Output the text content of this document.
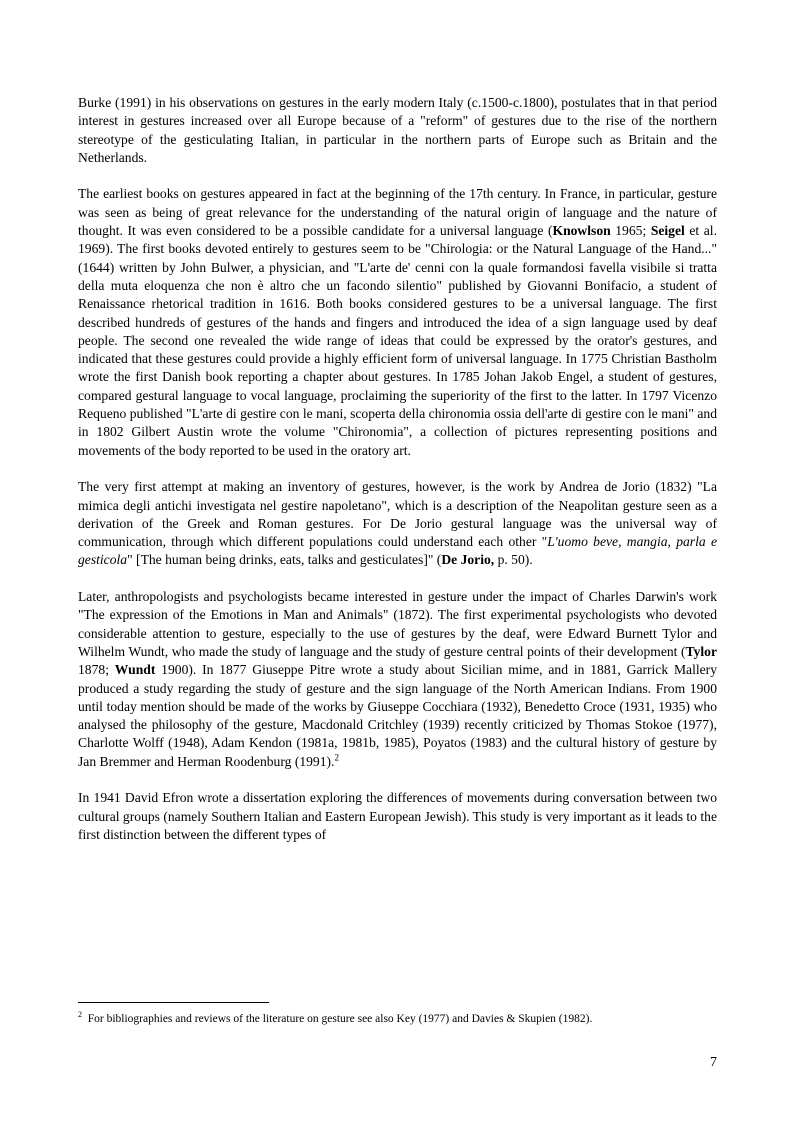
Burke (1991) in his observations on gestures in the early modern Italy (c.1500-c.1800), postulates that in that period interest in gestures increased over all Europe because of a "reform" of gestures due to the rise of the northern stereotype of the gesticulating Italian, in particular in the northern parts of Europe such as Britain and the Netherlands.

The earliest books on gestures appeared in fact at the beginning of the 17th century. In France, in particular, gesture was seen as being of great relevance for the understanding of the natural origin of language and the nature of thought. It was even considered to be a possible candidate for a universal language (Knowlson 1965; Seigel et al. 1969). The first books devoted entirely to gestures seem to be "Chirologia: or the Natural Language of the Hand..." (1644) written by John Bulwer, a physician, and "L'arte de' cenni con la quale formandosi favella visibile si tratta della muta eloquenza che non è altro che un facondo silentio" published by Giovanni Bonifacio, a student of Renaissance rhetorical tradition in 1616. Both books considered gestures to be a universal language. The first described hundreds of gestures of the hands and fingers and introduced the idea of a sign language used by deaf people. The second one revealed the wide range of ideas that could be expressed by the orator's gestures, and indicated that these gestures could provide a highly efficient form of universal language. In 1775 Christian Bastholm wrote the first Danish book reporting a chapter about gestures. In 1785 Johan Jakob Engel, a student of gestures, compared gestural language to vocal language, proclaiming the superiority of the first to the latter. In 1797 Vicenzo Requeno published "L'arte di gestire con le mani, scoperta della chironomia ossia dell'arte di gestire con le mani" and in 1802 Gilbert Austin wrote the volume "Chironomia", a collection of pictures representing positions and movements of the body reported to be used in the oratory art.

The very first attempt at making an inventory of gestures, however, is the work by Andrea de Jorio (1832) "La mimica degli antichi investigata nel gestire napoletano", which is a description of the Neapolitan gesture seen as a derivation of the Greek and Roman gestures. For De Jorio gestural language was the universal way of communication, through which different populations could understand each other "L'uomo beve, mangia, parla e gesticola" [The human being drinks, eats, talks and gesticulates]" (De Jorio, p. 50).

Later, anthropologists and psychologists became interested in gesture under the impact of Charles Darwin's work "The expression of the Emotions in Man and Animals" (1872). The first experimental psychologists who devoted considerable attention to gesture, especially to the use of gestures by the deaf, were Edward Burnett Tylor and Wilhelm Wundt, who made the study of language and the study of gesture central points of their development (Tylor 1878; Wundt 1900). In 1877 Giuseppe Pitre wrote a study about Sicilian mime, and in 1881, Garrick Mallery produced a study regarding the study of gesture and the sign language of the North American Indians. From 1900 until today mention should be made of the works by Giuseppe Cocchiara (1932), Benedetto Croce (1931, 1935) who analysed the philosophy of the gesture, Macdonald Critchley (1939) recently criticized by Thomas Stokoe (1977), Charlotte Wolff (1948), Adam Kendon (1981a, 1981b, 1985), Poyatos (1983) and the cultural history of gesture by Jan Bremmer and Herman Roodenburg (1991).$^2$

In 1941 David Efron wrote a dissertation exploring the differences of movements during conversation between two cultural groups (namely Southern Italian and Eastern European Jewish). This study is very important as it leads to the first distinction between the different types of

$^2$ For bibliographies and reviews of the literature on gesture see also Key (1977) and Davies & Skupien (1982).
7
